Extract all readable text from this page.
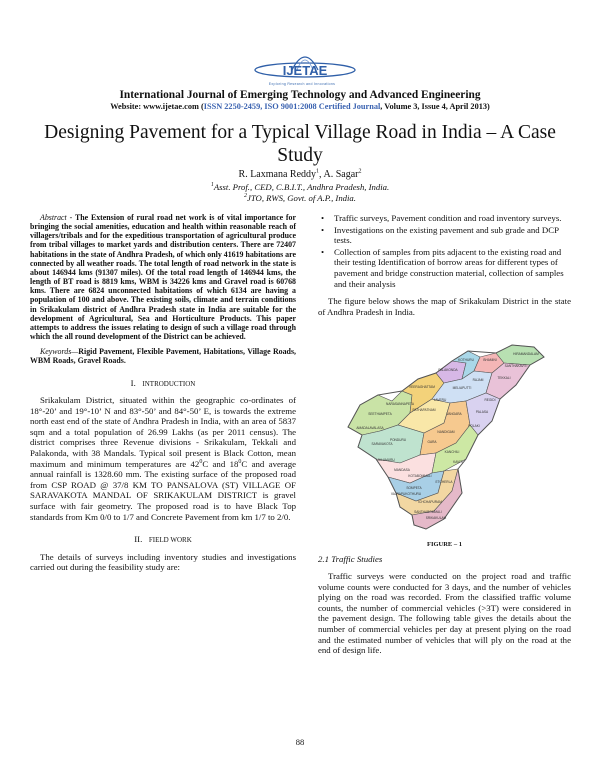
IJETAE
Exploring Research and Innovations
International Journal of Emerging Technology and Advanced Engineering
Website: www.ijetae.com (ISSN 2250-2459, ISO 9001:2008 Certified Journal, Volume 3, Issue 4, April 2013)
Designing Pavement for a Typical Village Road in India – A Case Study
R. Laxmana Reddy$^1$, A. Sagar$^2$
$^1$Asst. Prof., CED, C.B.I.T., Andhra Pradesh, India.
$^2$JTO, RWS, Govt. of A.P., India.

Abstract - The Extension of rural road net work is of vital importance for bringing the social amenities, education and health within reasonable reach of villagers/tribals and for the expeditious transportation of agricultural produce from tribal villages to market yards and distribution centers. There are 72407 habitations in the state of Andhra Pradesh, of which only 41619 habitations are connected by all weather roads. The total length of road network in the state is about 146944 kms (91307 miles). Of the total road length of 146944 kms, the length of BT road is 8819 kms, WBM is 34226 kms and Gravel road is 60768 kms. There are 6824 unconnected habitations of which 6134 are having a population of 100 and above. The existing soils, climate and terrain conditions in Srikakulam district of Andhra Pradesh state in India are suitable for the development of Agricultural, Sea and Horticulture Products. This paper attempts to address the issues relating to design of such a village road through which the all round development of the District can be achieved.

Keywords—Rigid Pavement, Flexible Pavement, Habitations, Village Roads, WBM Roads, Gravel Roads.

I. INTRODUCTION

Srikakulam District, situated within the geographic co-ordinates of 18°-20’ and 19°-10’ N and 83°-50’ and 84°-50’ E, is towards the extreme north east end of the state of Andhra Pradesh in India, with an area of 5837 sqm and a total population of 26.99 Lakhs (as per 2011 census). The district comprises three Revenue divisions - Srikakulam, Tekkali and Palakonda, with 38 Mandals. Typical soil present is Black Cotton, mean maximum and minimum temperatures are $42^0C$ and $18^0C$ and average annual rainfall is 1328.60 mm. The existing surface of the proposed road from CSP ROAD @ 37/8 KM TO PANSALOVA (ST) VILLAGE OF SARAVAKOTA MANDAL OF SRIKAKULAM DISTRICT is gravel surface with fair geometry. The proposed road is to have Black Top standards from Km 0/0 to 1/7 and Concrete Pavement from km 1/7 to 2/0.

II. FIELD WORK

The details of surveys including inventory studies and investigations carried out during the feasibility study are:

• Traffic surveys, Pavement condition and road inventory surveys.
• Investigations on the existing pavement and sub grade and DCP tests.
• Collection of samples from pits adjacent to the existing road and their testing Identification of borrow areas for different types of pavement and bridge construction material, collection of samples and their analysis

The figure below shows the map of Srikakulam District in the state of Andhra Pradesh in India.

SEETHAMPETA
VEERAGHATTAM
PALAKONDA
KOTHURU	BHAMINI
HIRAMANDALAM
PATHAPATNAM
MELIAPUTTI
TEKKALI
SARAVAKOTA
NANDIGAM
PALASA
MANDASA
KANCHILI
SOMPETA
ICHCHAPURAM
SRIKAKULAM
AMADALAVALASA
NARASANNAPETA
LAVERU
RAJAM
SANTHAKAVITI
PONDURU	GARA
POLAKI
JALUMURU
KOTABOMMALI
KAVITI
VAJRAPUKOTHURU
SANTHABOMMALI
ETCHERLA
REGIDI
VANGARA
FIGURE – 1
2.1 Traffic Studies

Traffic surveys were conducted on the project road and traffic volume counts were conducted for 3 days, and the number of vehicles plying on the road was recorded. From the classified traffic volume counts, the number of commercial vehicles (>3T) were considered in the pavement design. The following table gives the details about the number of commercial vehicles per day at present plying on the road and the estimated number of vehicles that will ply on the road at the end of design life.

88
